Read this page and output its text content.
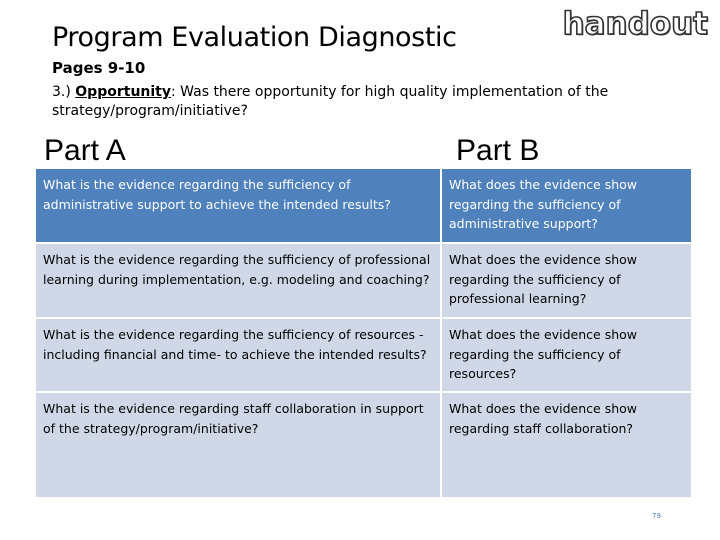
Program Evaluation Diagnostic	handout
Pages 9-10

3.) Opportunity: Was there opportunity for high quality implementation of the strategy/program/initiative?

Part A	Part B
What is the evidence regarding the sufficiency of administrative support to achieve the intended results?	What does the evidence show regarding the sufficiency of administrative support?
What is the evidence regarding the sufficiency of professional learning during implementation, e.g. modeling and coaching?	What does the evidence show regarding the sufficiency of professional learning?
What is the evidence regarding the sufficiency of resources -including financial and time- to achieve the intended results?	What does the evidence show regarding the sufficiency of resources?
What is the evidence regarding staff collaboration in support of the strategy/program/initiative?	What does the evidence show regarding staff collaboration?
79
